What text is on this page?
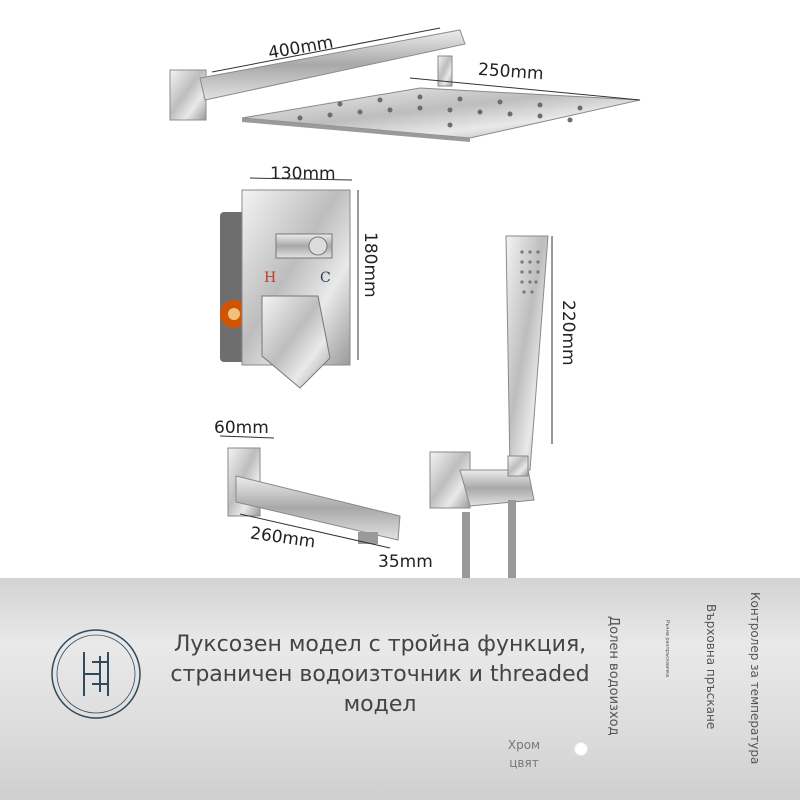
400mm
250mm
130mm
180mm
220mm
60mm
260mm
35mm
H	C
Луксозен модел с тройна функция, страничен водоизточник и threaded модел	Контролер за температура
Върховна пръскане
Ръчна разпръсквачка
Долен водоизход
Хром цвят
